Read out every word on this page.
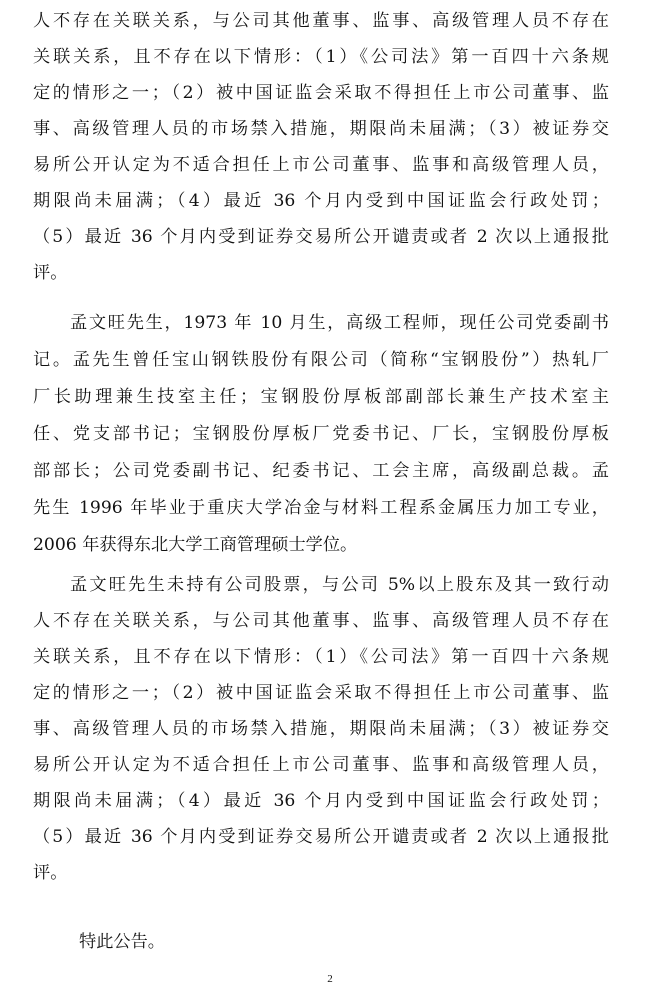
人不存在关联关系，与公司其他董事、监事、高级管理人员不存在
关联关系，且不存在以下情形：（1）《公司法》第一百四十六条规
定的情形之一；（2）被中国证监会采取不得担任上市公司董事、监
事、高级管理人员的市场禁入措施，期限尚未届满；（3）被证券交
易所公开认定为不适合担任上市公司董事、监事和高级管理人员，
期限尚未届满；（4）最近 36 个月内受到中国证监会行政处罚；
（5）最近 36 个月内受到证券交易所公开谴责或者 2 次以上通报批
评。
孟文旺先生，1973 年 10 月生，高级工程师，现任公司党委副书
记。孟先生曾任宝山钢铁股份有限公司（简称“宝钢股份”）热轧厂
厂长助理兼生技室主任；宝钢股份厚板部副部长兼生产技术室主
任、党支部书记；宝钢股份厚板厂党委书记、厂长，宝钢股份厚板
部部长；公司党委副书记、纪委书记、工会主席，高级副总裁。孟
先生 1996 年毕业于重庆大学冶金与材料工程系金属压力加工专业，
2006 年获得东北大学工商管理硕士学位。
孟文旺先生未持有公司股票，与公司 5%以上股东及其一致行动
人不存在关联关系，与公司其他董事、监事、高级管理人员不存在
关联关系，且不存在以下情形：（1）《公司法》第一百四十六条规
定的情形之一；（2）被中国证监会采取不得担任上市公司董事、监
事、高级管理人员的市场禁入措施，期限尚未届满；（3）被证券交
易所公开认定为不适合担任上市公司董事、监事和高级管理人员，
期限尚未届满；（4）最近 36 个月内受到中国证监会行政处罚；
（5）最近 36 个月内受到证券交易所公开谴责或者 2 次以上通报批
评。
特此公告。
2
